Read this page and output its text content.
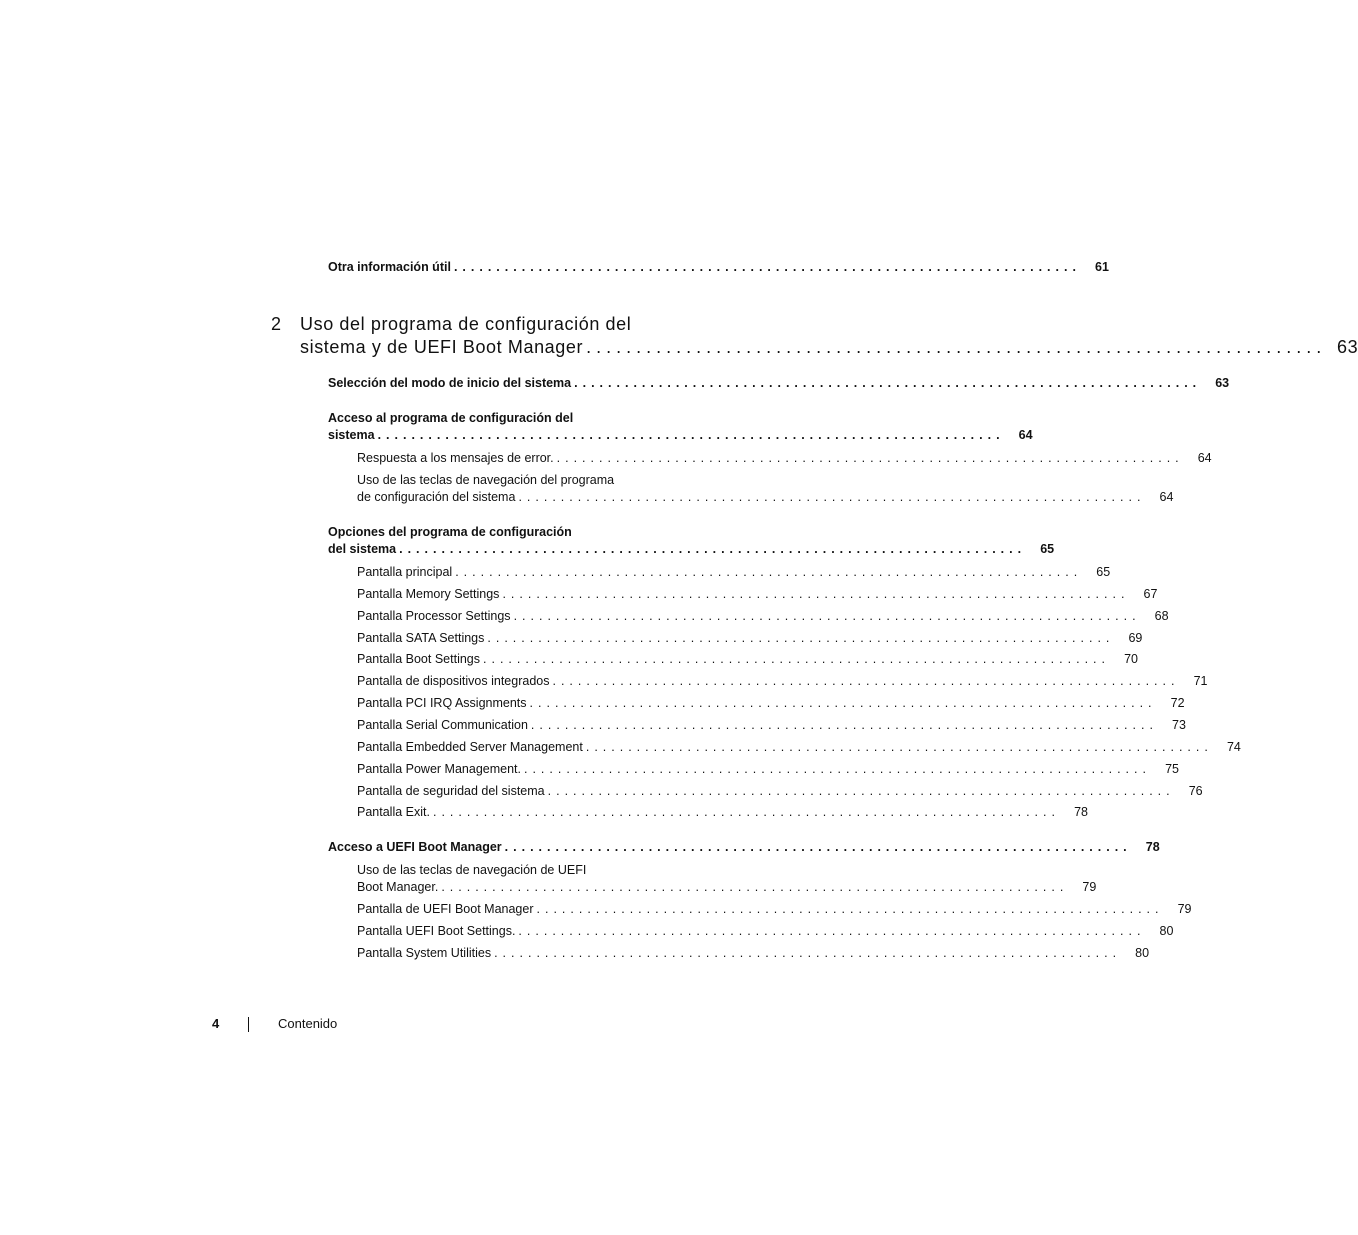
Otra información útil ..........................................................................	61
2 Uso del programa de configuración del
sistema y de UEFI Boot Manager .......................................................................... 63
Selección del modo de inicio del sistema ..........................................................................	63
Acceso al programa de configuración del
sistema ..........................................................................	64
Respuesta a los mensajes de error. ..........................................................................	64
Uso de las teclas de navegación del programa
de configuración del sistema ..........................................................................	64
Opciones del programa de configuración
del sistema ..........................................................................	65
Pantalla principal ..........................................................................	65
Pantalla Memory Settings ..........................................................................	67
Pantalla Processor Settings ..........................................................................	68
Pantalla SATA Settings ..........................................................................	69
Pantalla Boot Settings ..........................................................................	70
Pantalla de dispositivos integrados ..........................................................................	71
Pantalla PCI IRQ Assignments ..........................................................................	72
Pantalla Serial Communication ..........................................................................	73
Pantalla Embedded Server Management ..........................................................................	74
Pantalla Power Management. ..........................................................................	75
Pantalla de seguridad del sistema ..........................................................................	76
Pantalla Exit. ..........................................................................	78
Acceso a UEFI Boot Manager ..........................................................................	78
Uso de las teclas de navegación de UEFI
Boot Manager. ..........................................................................	79
Pantalla de UEFI Boot Manager ..........................................................................	79
Pantalla UEFI Boot Settings. ..........................................................................	80
Pantalla System Utilities ..........................................................................	80
4	Contenido
